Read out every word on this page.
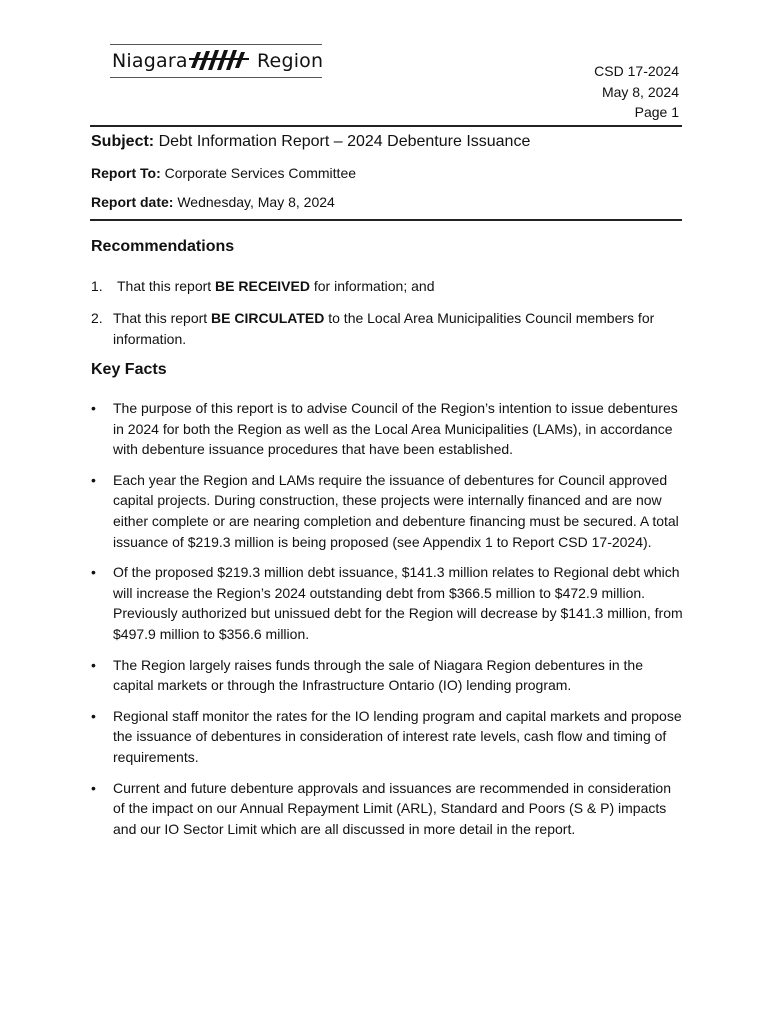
Niagara	Region	CSD 17-2024
May 8, 2024
Page 1
Subject: Debt Information Report – 2024 Debenture Issuance
Report To: Corporate Services Committee
Report date: Wednesday, May 8, 2024
Recommendations
1. That this report BE RECEIVED for information; and
2. That this report BE CIRCULATED to the Local Area Municipalities Council members for information.
Key Facts
• The purpose of this report is to advise Council of the Region’s intention to issue debentures in 2024 for both the Region as well as the Local Area Municipalities (LAMs), in accordance with debenture issuance procedures that have been established.
• Each year the Region and LAMs require the issuance of debentures for Council approved capital projects. During construction, these projects were internally financed and are now either complete or are nearing completion and debenture financing must be secured. A total issuance of $219.3 million is being proposed (see Appendix 1 to Report CSD 17-2024).
• Of the proposed $219.3 million debt issuance, $141.3 million relates to Regional debt which will increase the Region’s 2024 outstanding debt from $366.5 million to $472.9 million. Previously authorized but unissued debt for the Region will decrease by $141.3 million, from $497.9 million to $356.6 million.
• The Region largely raises funds through the sale of Niagara Region debentures in the capital markets or through the Infrastructure Ontario (IO) lending program.
• Regional staff monitor the rates for the IO lending program and capital markets and propose the issuance of debentures in consideration of interest rate levels, cash flow and timing of requirements.
• Current and future debenture approvals and issuances are recommended in consideration of the impact on our Annual Repayment Limit (ARL), Standard and Poors (S & P) impacts and our IO Sector Limit which are all discussed in more detail in the report.
